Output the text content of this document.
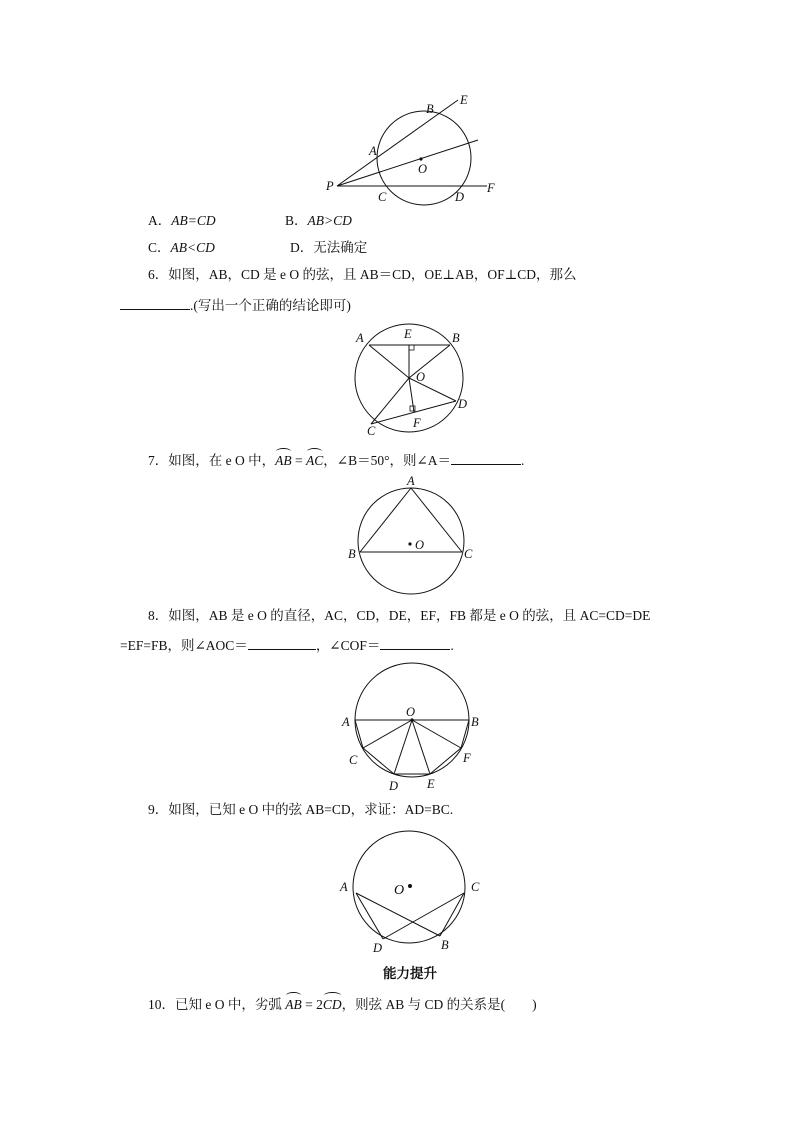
B
E
A
O
P
C	D
F
A．AB=CD	B．AB>CD
C．AB<CD	D．无法确定
6．如图，AB，CD 是 e O 的弦，且 AB＝CD，OE⊥AB，OF⊥CD，那么
.(写出一个正确的结论即可)
A	E	B
O
D
F
C
7．如图，在 e O 中，AB = AC，∠B＝50°，则∠A＝	.
A
B
O
C
8．如图，AB 是 e O 的直径，AC，CD，DE，EF，FB 都是 e O 的弦，且 AC=CD=DE
=EF=FB，则∠AOC＝	，∠COF＝	.
O
A	B
C	F
D E
9．如图，已知 e O 中的弦 AB=CD，求证：AD=BC.
O
A	C
D	B
能力提升
10．已知 e O 中，劣弧 AB = 2CD，则弦 AB 与 CD 的关系是(　　)
